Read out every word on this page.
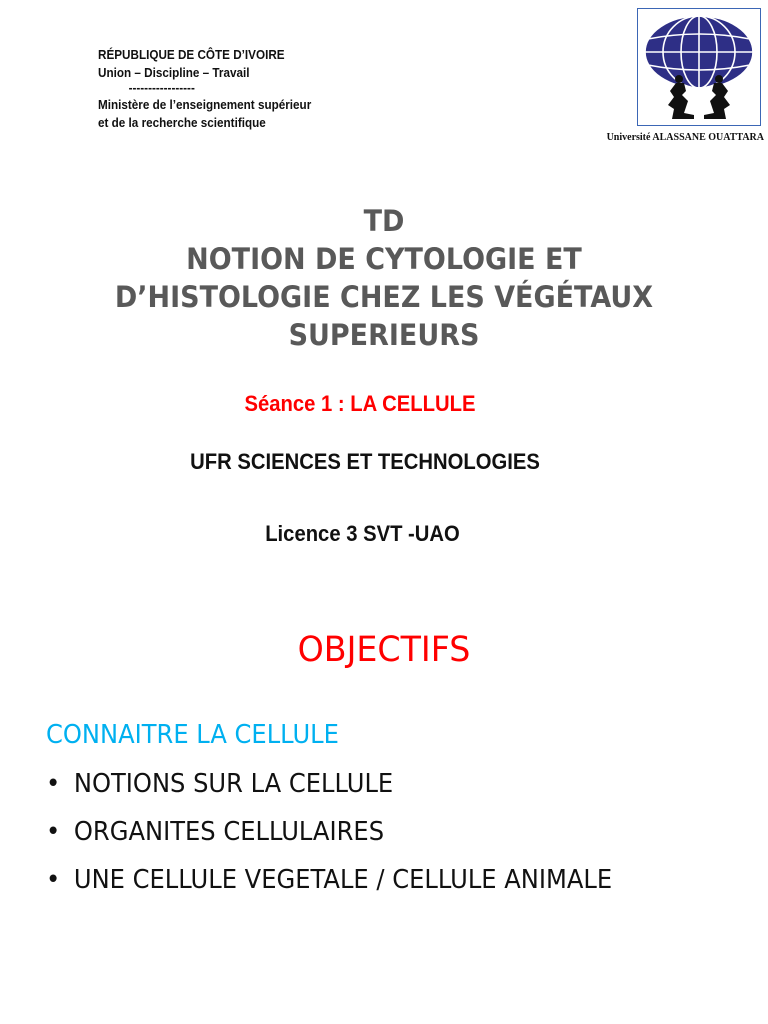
RÉPUBLIQUE DE CÔTE D’IVOIRE
Union – Discipline – Travail
-----------------
Ministère de l’enseignement supérieur
et de la recherche scientifique
Université ALASSANE OUATTARA
TD
NOTION DE CYTOLOGIE ET
D’HISTOLOGIE CHEZ LES VÉGÉTAUX
SUPERIEURS
Séance 1 : LA CELLULE
UFR SCIENCES ET TECHNOLOGIES
Licence 3 SVT -UAO
OBJECTIFS
CONNAITRE LA CELLULE
• NOTIONS SUR LA CELLULE
• ORGANITES CELLULAIRES
• UNE CELLULE VEGETALE / CELLULE ANIMALE
